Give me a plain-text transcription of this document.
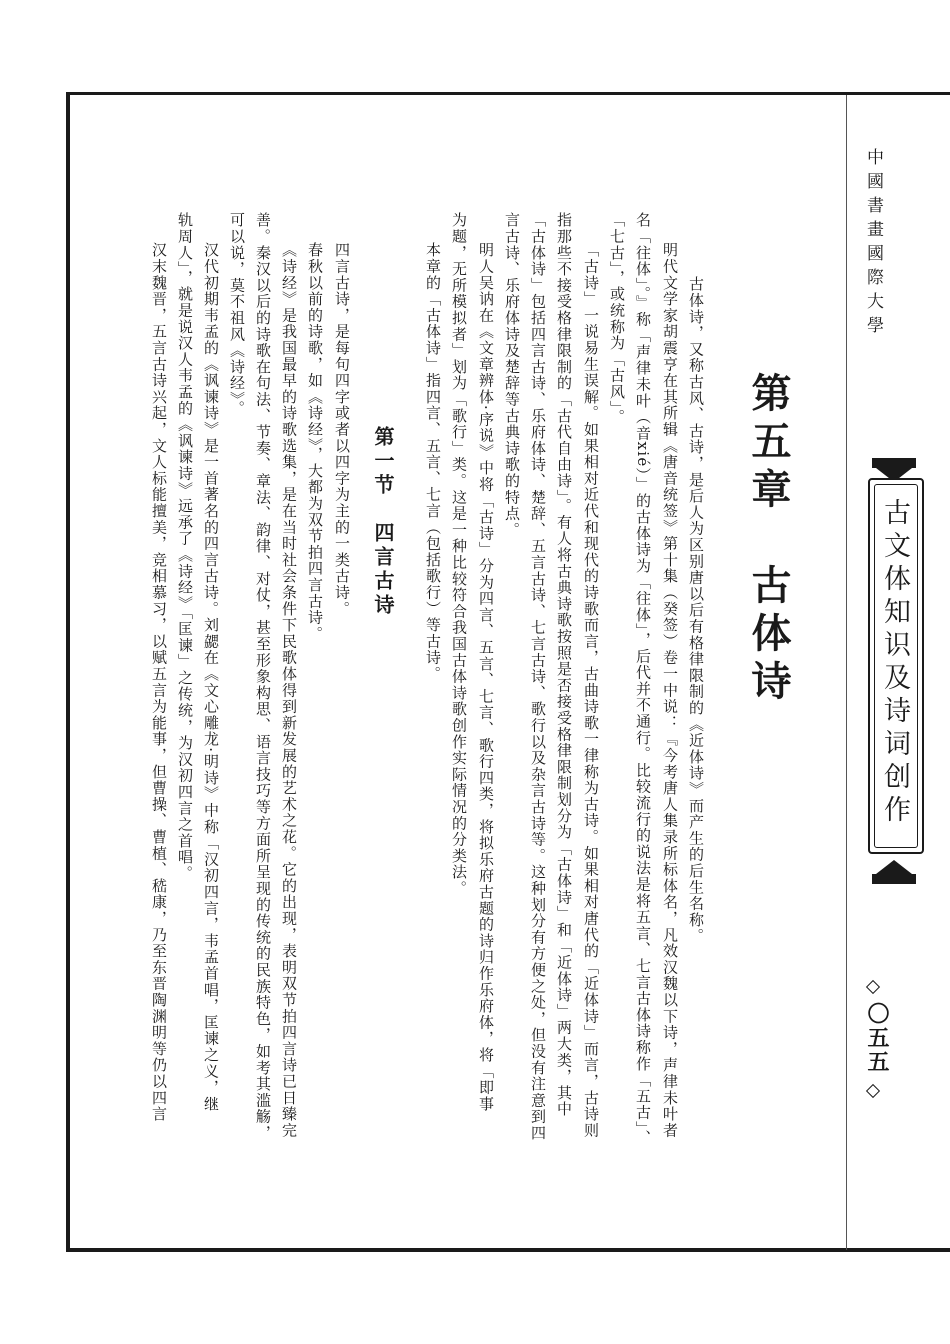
中國書畫國際大學
古文体知识及诗词创作
〇五五
第五章　古体诗
第一节　四言古诗	古体诗，又称古风、古诗，是后人为区别唐以后有格律限制的《近体诗》而产生的后生名称。
明代文学家胡震亨在其所辑《唐音统签》第十集（癸签）卷一中说：『今考唐人集录所标体名，凡效汉魏以下诗，声律未叶者
名「往体」。』称「声律未叶（音xié）」的古体诗为「往体」，后代并不通行。比较流行的说法是将五言、七言古体诗称作「五古」、
「七古」，或统称为「古风」。
「古诗」一说易生误解。如果相对近代和现代的诗歌而言，古曲诗歌一律称为古诗。如果相对唐代的「近体诗」而言，古诗则
指那些不接受格律限制的「古代自由诗」。有人将古典诗歌按照是否接受格律限制划分为「古体诗」和「近体诗」两大类，其中
「古体诗」包括四言古诗、乐府体诗、楚辞、五言古诗、七言古诗、歌行以及杂言古诗等。这种划分有方便之处，但没有注意到四
言古诗、乐府体诗及楚辞等古典诗歌的特点。
明人吴讷在《文章辨体·序说》中将「古诗」分为四言、五言、七言、歌行四类，将拟乐府古题的诗归作乐府体，将「即事
为题，无所模拟者」划为「歌行」类。这是一种比较符合我国古体诗歌创作实际情况的分类法。
本章的「古体诗」指四言、五言、七言（包括歌行）等古诗。
四言古诗，是每句四字或者以四字为主的一类古诗。
春秋以前的诗歌，如《诗经》，大都为双节拍四言古诗。
《诗经》是我国最早的诗歌选集，是在当时社会条件下民歌体得到新发展的艺术之花。它的出现，表明双节拍四言诗已日臻完
善。秦汉以后的诗歌在句法、节奏、章法、韵律、对仗，甚至形象构思、语言技巧等方面所呈现的传统的民族特色，如考其滥觞，
可以说，莫不祖风《诗经》。
汉代初期韦孟的《讽谏诗》是一首著名的四言古诗。刘勰在《文心雕龙·明诗》中称「汉初四言，韦孟首唱，匡谏之义，继
轨周人」，就是说汉人韦孟的《讽谏诗》远承了《诗经》「匡谏」之传统，为汉初四言之首唱。
汉末魏晋，五言古诗兴起，文人标能擅美，竞相慕习，以赋五言为能事，但曹操、曹植、嵇康，乃至东晋陶渊明等仍以四言
